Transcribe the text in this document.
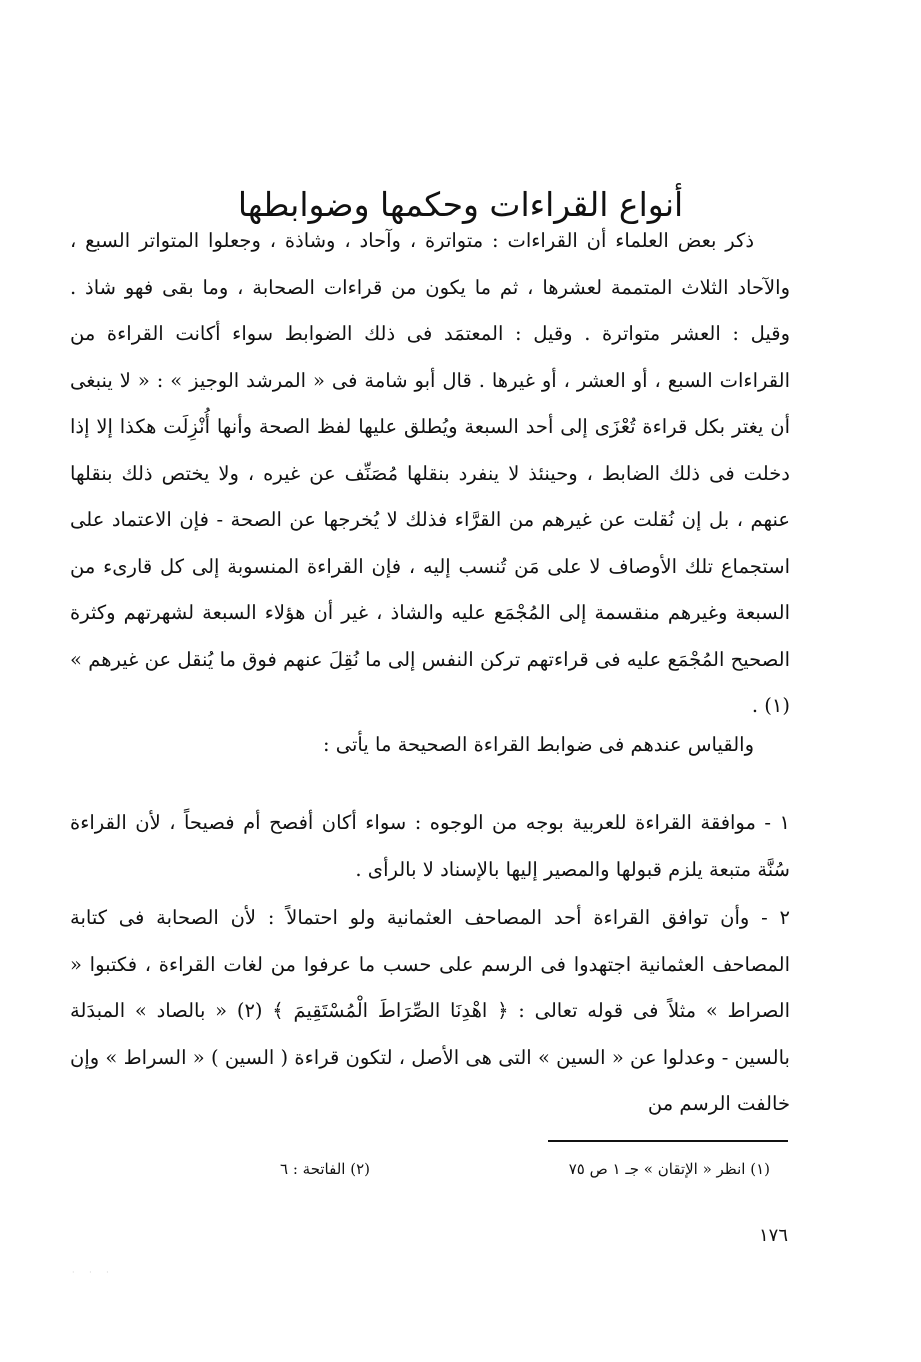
أنواع القراءات وحكمها وضوابطها

ذكر بعض العلماء أن القراءات : متواترة ، وآحاد ، وشاذة ، وجعلوا المتواتر السبع ، والآحاد الثلاث المتممة لعشرها ، ثم ما يكون من قراءات الصحابة ، وما بقى فهو شاذ . وقيل : العشر متواترة . وقيل : المعتمَد فى ذلك الضوابط سواء أكانت القراءة من القراءات السبع ، أو العشر ، أو غيرها . قال أبو شامة فى « المرشد الوجيز » : « لا ينبغى أن يغتر بكل قراءة تُعْزَى إلى أحد السبعة ويُطلق عليها لفظ الصحة وأنها أُنْزِلَت هكذا إلا إذا دخلت فى ذلك الضابط ، وحينئذ لا ينفرد بنقلها مُصَنِّف عن غيره ، ولا يختص ذلك بنقلها عنهم ، بل إن نُقلت عن غيرهم من القرَّاء فذلك لا يُخرجها عن الصحة - فإن الاعتماد على استجماع تلك الأوصاف لا على مَن تُنسب إليه ، فإن القراءة المنسوبة إلى كل قارىء من السبعة وغيرهم منقسمة إلى المُجْمَع عليه والشاذ ، غير أن هؤلاء السبعة لشهرتهم وكثرة الصحيح المُجْمَع عليه فى قراءتهم تركن النفس إلى ما نُقِلَ عنهم فوق ما يُنقل عن غيرهم » (١) .

والقياس عندهم فى ضوابط القراءة الصحيحة ما يأتى :

١ - موافقة القراءة للعربية بوجه من الوجوه : سواء أكان أفصح أم فصيحاً ، لأن القراءة سُنَّة متبعة يلزم قبولها والمصير إليها بالإسناد لا بالرأى .

٢ - وأن توافق القراءة أحد المصاحف العثمانية ولو احتمالاً : لأن الصحابة فى كتابة المصاحف العثمانية اجتهدوا فى الرسم على حسب ما عرفوا من لغات القراءة ، فكتبوا « الصراط » مثلاً فى قوله تعالى : ﴿ اهْدِنَا الصِّرَاطَ الْمُسْتَقِيمَ ﴾ (٢) « بالصاد » المبدَلة بالسين - وعدلوا عن « السين » التى هى الأصل ، لتكون قراءة ( السين ) « السراط » وإن خالفت الرسم من

(١) انظر « الإتقان » جـ ١ ص ٧٥
(٢) الفاتحة : ٦
١٧٦
· · ·
